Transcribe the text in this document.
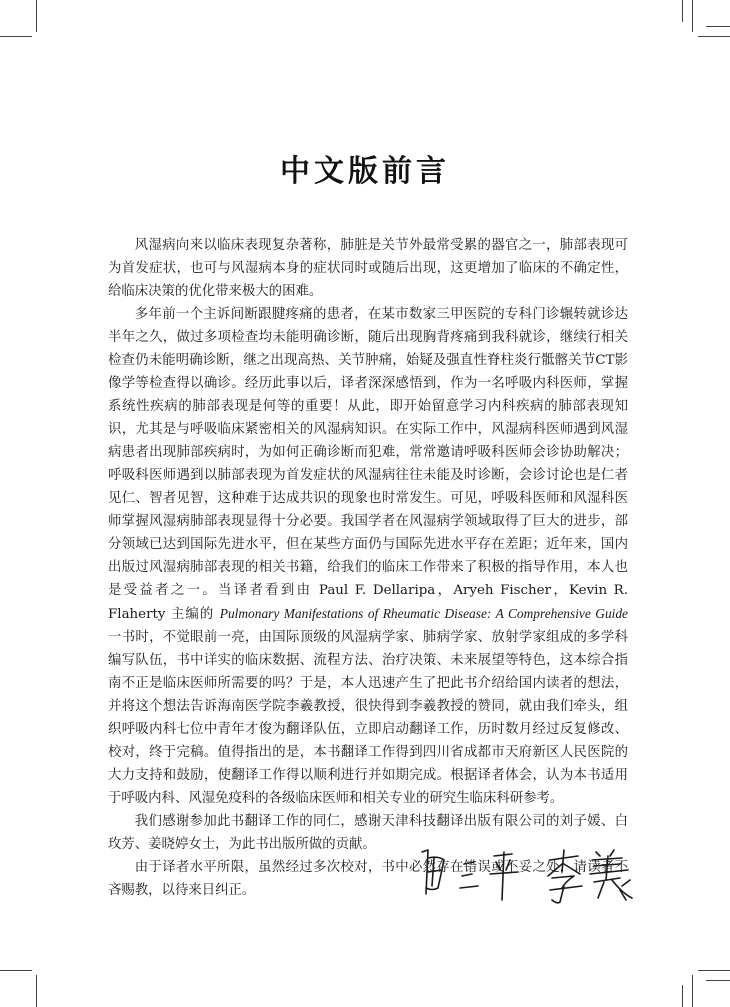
中文版前言

风湿病向来以临床表现复杂著称，肺脏是关节外最常受累的器官之一，肺部表现可为首发症状，也可与风湿病本身的症状同时或随后出现，这更增加了临床的不确定性，给临床决策的优化带来极大的困难。

多年前一个主诉间断跟腱疼痛的患者，在某市数家三甲医院的专科门诊辗转就诊达半年之久，做过多项检查均未能明确诊断，随后出现胸背疼痛到我科就诊，继续行相关检查仍未能明确诊断，继之出现高热、关节肿痛，始疑及强直性脊柱炎行骶髂关节CT影像学等检查得以确诊。经历此事以后，译者深深感悟到，作为一名呼吸内科医师，掌握系统性疾病的肺部表现是何等的重要！从此，即开始留意学习内科疾病的肺部表现知识，尤其是与呼吸临床紧密相关的风湿病知识。在实际工作中，风湿病科医师遇到风湿病患者出现肺部疾病时，为如何正确诊断而犯难，常常邀请呼吸科医师会诊协助解决；呼吸科医师遇到以肺部表现为首发症状的风湿病往往未能及时诊断，会诊讨论也是仁者见仁、智者见智，这种难于达成共识的现象也时常发生。可见，呼吸科医师和风湿科医师掌握风湿病肺部表现显得十分必要。我国学者在风湿病学领域取得了巨大的进步，部分领域已达到国际先进水平，但在某些方面仍与国际先进水平存在差距；近年来，国内出版过风湿病肺部表现的相关书籍，给我们的临床工作带来了积极的指导作用，本人也是受益者之一。当译者看到由 Paul F. Dellaripa，Aryeh Fischer，Kevin R. Flaherty 主编的 Pulmonary Manifestations of Rheumatic Disease: A Comprehensive Guide 一书时，不觉眼前一亮，由国际顶级的风湿病学家、肺病学家、放射学家组成的多学科编写队伍，书中详实的临床数据、流程方法、治疗决策、未来展望等特色，这本综合指南不正是临床医师所需要的吗？于是，本人迅速产生了把此书介绍给国内读者的想法，并将这个想法告诉海南医学院李羲教授，很快得到李羲教授的赞同，就由我们牵头，组织呼吸内科七位中青年才俊为翻译队伍，立即启动翻译工作，历时数月经过反复修改、校对，终于完稿。值得指出的是，本书翻译工作得到四川省成都市天府新区人民医院的大力支持和鼓励，使翻译工作得以顺利进行并如期完成。根据译者体会，认为本书适用于呼吸内科、风湿免疫科的各级临床医师和相关专业的研究生临床科研参考。

我们感谢参加此书翻译工作的同仁，感谢天津科技翻译出版有限公司的刘子媛、白玫芳、姜晓婷女士，为此书出版所做的贡献。

由于译者水平所限，虽然经过多次校对，书中必然存在错误或不妥之处，请读者不吝赐教，以待来日纠正。
